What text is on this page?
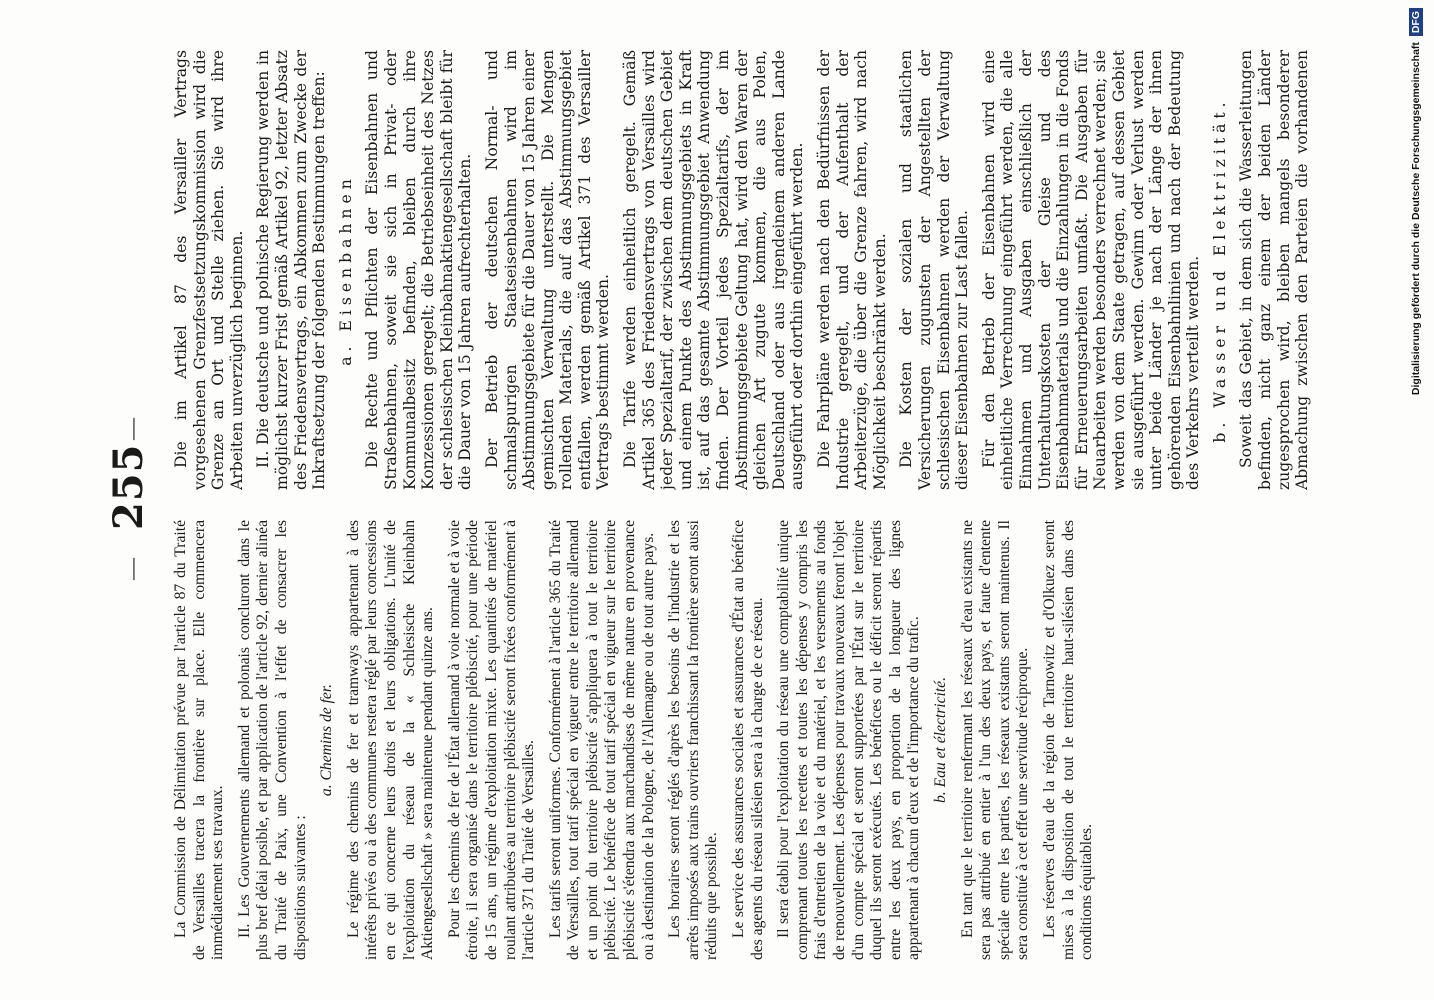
—
255
—

La Commission de Délimitation prévue par l'article 87 du Traité de Versailles tracera la frontière sur place. Elle commencera immédiatement ses travaux. II. Les Gouvernements allemand et polonais concluront dans le plus bref délai posible, et par application de l'article 92, dernier alinéa du Traité de Paix, une Convention à l'effet de consacrer les dispositions suivantes :

a. Chemins de fer. Le régime des chemins de fer et tramways appartenant à des intérêts privés ou à des communes restera réglé par leurs concessions en ce qui concerne leurs droits et leurs obligations. L'unité de l'exploitation du réseau de la « Schlesische Kleinbahn Aktiengesellschaft » sera maintenue pendant quinze ans. Pour les chemins de fer de l'État allemand à voie normale et à voie étroite, il sera organisé dans le territoire plébiscité, pour une période de 15 ans, un régime d'exploitation mixte. Les quantités de matériel roulant attribuées au territoire plébiscité seront fixées conformément à l'article 371 du Traité de Versailles. Les tarifs seront uniformes. Conformément à l'article 365 du Traité de Versailles, tout tarif spécial en vigueur entre le territoire allemand et un point du territoire plébiscité s'appliquera à tout le territoire plébiscité. Le bénéfice de tout tarif spécial en vigueur sur le territoire plébiscité s'étendra aux marchandises de même nature en provenance ou à destination de la Pologne, de l'Allemagne ou de tout autre pays. Les horaires seront réglés d'après les besoins de l'industrie et les arrêts imposés aux trains ouvriers franchissant la frontière seront aussi réduits que possible. Le service des assurances sociales et assurances d'État au bénéfice des agents du réseau silésien sera à la charge de ce réseau. Il sera établi pour l'exploitation du réseau une comptabilité unique comprenant toutes les recettes et toutes les dépenses y compris les frais d'entretien de la voie et du matériel, et les versements au fonds de renouvellement. Les dépenses pour travaux nouveaux feront l'objet d'un compte spécial et seront supportées par l'État sur le territoire duquel ils seront exécutés. Les bénéfices ou le déficit seront répartis entre les deux pays, en proportion de la longueur des lignes appartenant à chacun d'eux et de l'importance du trafic. b. Eau et électricité. En tant que le territoire renfermant les réseaux d'eau existants ne sera pas attribué en entier à l'un des deux pays, et faute d'entente spéciale entre les parties, les réseaux existants seront maintenus. Il sera constitué à cet effet une servitude réciproque. Les réserves d'eau de la région de Tarnowitz et d'Olkuez seront mises à la disposition de tout le territoire haut-silésien dans des conditions équitables.

Die im Artikel 87 des Versailler Vertrags vorgesehenen Grenzfestsetzungskommission wird die Grenze an Ort und Stelle ziehen. Sie wird ihre Arbeiten unverzüglich beginnen. II. Die deutsche und polnische Regierung werden in möglichst kurzer Frist gemäß Artikel 92, letzter Absatz des Friedensvertrags, ein Abkommen zum Zwecke der Inkraftsetzung der folgenden Bestimmungen treffen: a. Eisenbahnen Die Rechte und Pflichten der Eisenbahnen und Straßenbahnen, soweit sie sich in Privat- oder Kommunalbesitz befinden, bleiben durch ihre Konzessionen geregelt; die Betriebseinheit des Netzes der schlesischen Kleinbahnaktiengesellschaft bleibt für die Dauer von 15 Jahren aufrechterhalten. Der Betrieb der deutschen Normal- und schmalspurigen Staatseisenbahnen wird im Abstimmungsgebiete für die Dauer von 15 Jahren einer gemischten Verwaltung unterstellt. Die Mengen rollenden Materials, die auf das Abstimmungsgebiet entfallen, werden gemäß Artikel 371 des Versailler Vertrags bestimmt werden. Die Tarife werden einheitlich geregelt. Gemäß Artikel 365 des Friedensvertrags von Versailles wird jeder Spezialtarif, der zwischen dem deutschen Gebiet und einem Punkte des Abstimmungsgebiets in Kraft ist, auf das gesamte Abstimmungsgebiet Anwendung finden. Der Vorteil jedes Spezialtarifs, der im Abstimmungsgebiete Geltung hat, wird den Waren der gleichen Art zugute kommen, die aus Polen, Deutschland oder aus irgendeinem anderen Lande ausgeführt oder dorthin eingeführt werden. Die Fahrpläne werden nach den Bedürfnissen der Industrie geregelt, und der Aufenthalt der Arbeiterzüge, die über die Grenze fahren, wird nach Möglichkeit beschränkt werden. Die Kosten der sozialen und staatlichen Versicherungen zugunsten der Angestellten der schlesischen Eisenbahnen werden der Verwaltung dieser Eisenbahnen zur Last fallen. Für den Betrieb der Eisenbahnen wird eine einheitliche Verrechnung eingeführt werden, die alle Einnahmen und Ausgaben einschließlich der Unterhaltungskosten der Gleise und des Eisenbahnmaterials und die Einzahlungen in die Fonds für Erneuerungsarbeiten umfaßt. Die Ausgaben für Neuarbeiten werden besonders verrechnet werden; sie werden von dem Staate getragen, auf dessen Gebiet sie ausgeführt werden. Gewinn oder Verlust werden unter beide Länder je nach der Länge der ihnen gehörenden Eisenbahnlinien und nach der Bedeutung des Verkehrs verteilt werden. b. Wasser und Elektrizität. Soweit das Gebiet, in dem sich die Wasserleitungen befinden, nicht ganz einem der beiden Länder zugesprochen wird, bleiben mangels besonderer Abmachung zwischen den Parteien die vorhandenen	Digitalisierung gefördert durch die Deutsche Forschungsgemeinschaft DFG
